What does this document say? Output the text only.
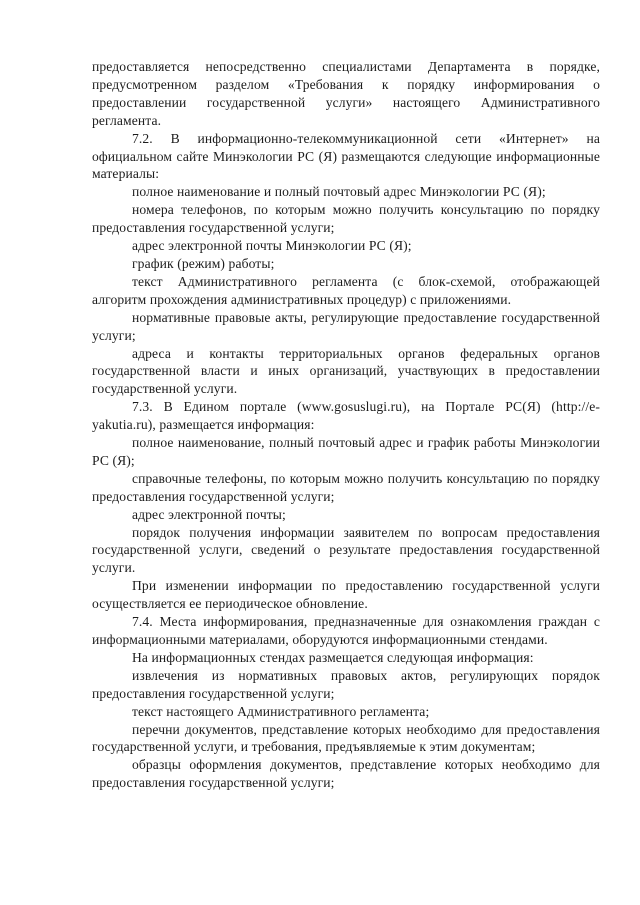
предоставляется непосредственно специалистами Департамента в порядке, предусмотренном разделом «Требования к порядку информирования о предоставлении государственной услуги» настоящего Административного регламента.

7.2. В информационно-телекоммуникационной сети «Интернет» на официальном сайте Минэкологии РС (Я) размещаются следующие информационные материалы:

полное наименование и полный почтовый адрес Минэкологии РС (Я);

номера телефонов, по которым можно получить консультацию по порядку предоставления государственной услуги;

адрес электронной почты Минэкологии РС (Я);

график (режим) работы;

текст Административного регламента (с блок-схемой, отображающей алгоритм прохождения административных процедур) с приложениями.

нормативные правовые акты, регулирующие предоставление государственной услуги;

адреса и контакты территориальных органов федеральных органов государственной власти и иных организаций, участвующих в предоставлении государственной услуги.

7.3. В Едином портале (www.gosuslugi.ru), на Портале РС(Я) (http://e-yakutia.ru), размещается информация:

полное наименование, полный почтовый адрес и график работы Минэкологии РС (Я);

справочные телефоны, по которым можно получить консультацию по порядку предоставления государственной услуги;

адрес электронной почты;

порядок получения информации заявителем по вопросам предоставления государственной услуги, сведений о результате предоставления государственной услуги.

При изменении информации по предоставлению государственной услуги осуществляется ее периодическое обновление.

7.4. Места информирования, предназначенные для ознакомления граждан с информационными материалами, оборудуются информационными стендами.

На информационных стендах размещается следующая информация:

извлечения из нормативных правовых актов, регулирующих порядок предоставления государственной услуги;

текст настоящего Административного регламента;

перечни документов, представление которых необходимо для предоставления государственной услуги, и требования, предъявляемые к этим документам;

образцы оформления документов, представление которых необходимо для предоставления государственной услуги;
